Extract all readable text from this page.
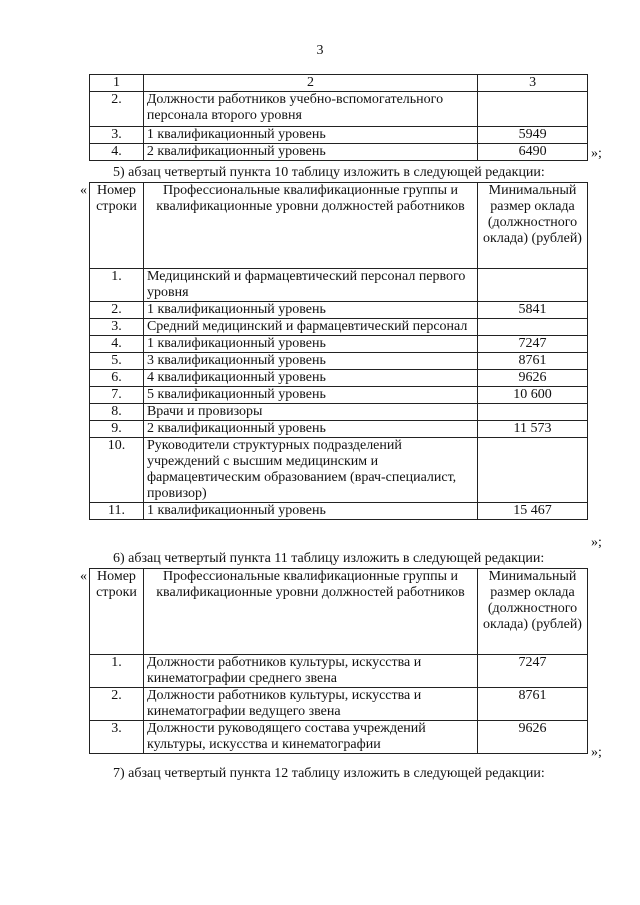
3
1	2	3
2.	Должности работников учебно-вспомогательного персонала второго уровня	
3.	1 квалификационный уровень	5949
4.	2 квалификационный уровень	6490	»;
5) абзац четвертый пункта 10 таблицу изложить в следующей редакции:
« Номер строки	Профессиональные квалификационные группы и квалификационные уровни должностей работников	Минимальный размер оклада (должностного оклада) (рублей)
1.	Медицинский и фармацевтический персонал первого уровня	
2.	1 квалификационный уровень	5841
3.	Средний медицинский и фармацевтический персонал	
4.	1 квалификационный уровень	7247
5.	3 квалификационный уровень	8761
6.	4 квалификационный уровень	9626
7.	5 квалификационный уровень	10 600
8.	Врачи и провизоры	
9.	2 квалификационный уровень	11 573
10.	Руководители структурных подразделений учреждений с высшим медицинским и фармацевтическим образованием (врач-специалист, провизор)	
11.	1 квалификационный уровень	15 467
»;
6) абзац четвертый пункта 11 таблицу изложить в следующей редакции:
« Номер строки	Профессиональные квалификационные группы и квалификационные уровни должностей работников	Минимальный размер оклада (должностного оклада) (рублей)
1.	Должности работников культуры, искусства и кинематографии среднего звена	7247
2.	Должности работников культуры, искусства и кинематографии ведущего звена	8761
3.	Должности руководящего состава учреждений культуры, искусства и кинематографии	9626
»;
7) абзац четвертый пункта 12 таблицу изложить в следующей редакции:
